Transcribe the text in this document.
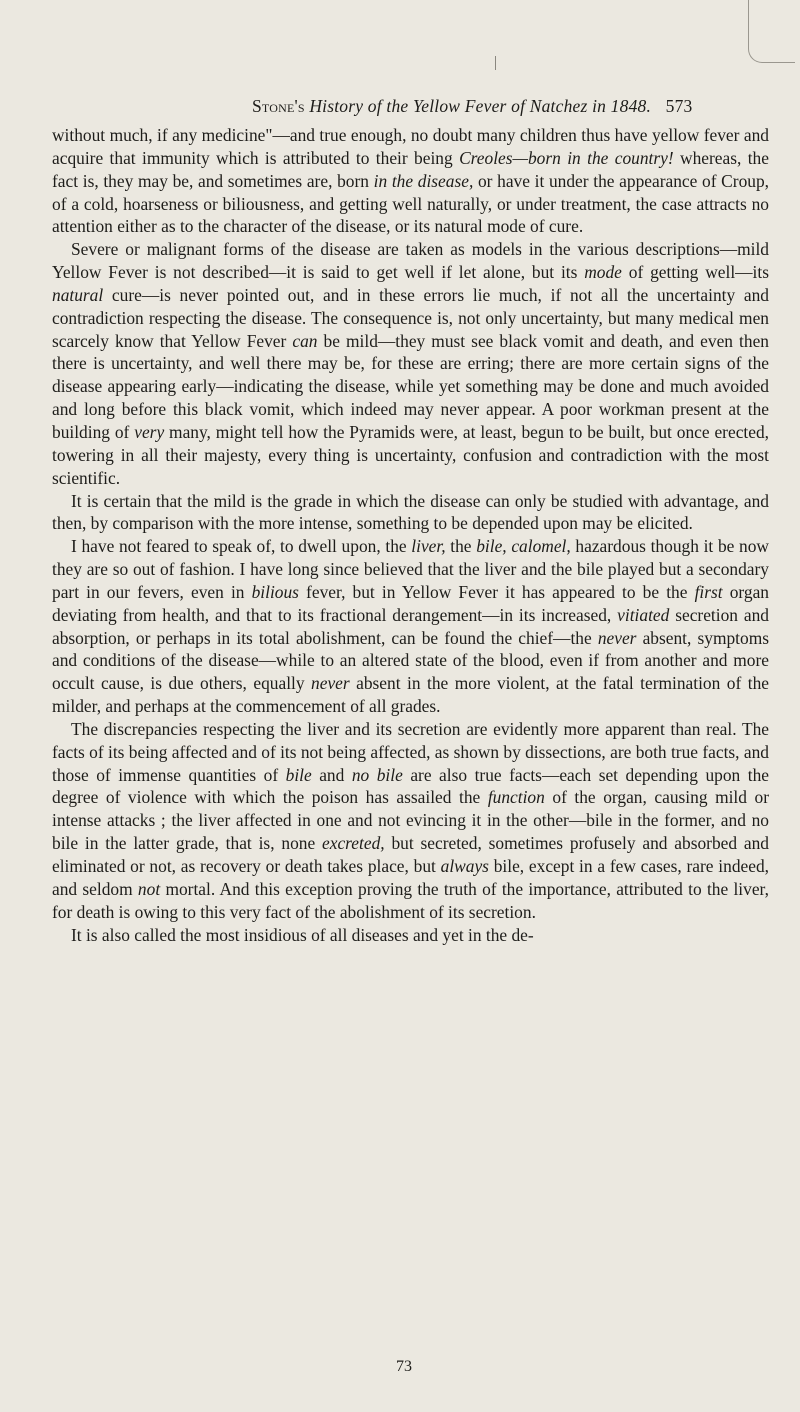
Stone's History of the Yellow Fever of Natchez in 1848. 573

without much, if any medicine"—and true enough, no doubt many children thus have yellow fever and acquire that immunity which is attributed to their being Creoles—born in the country! whereas, the fact is, they may be, and sometimes are, born in the disease, or have it under the appearance of Croup, of a cold, hoarseness or biliousness, and getting well naturally, or under treatment, the case attracts no attention either as to the character of the disease, or its natural mode of cure.

Severe or malignant forms of the disease are taken as models in the various descriptions—mild Yellow Fever is not described—it is said to get well if let alone, but its mode of getting well—its natural cure—is never pointed out, and in these errors lie much, if not all the uncertainty and contradiction respecting the disease. The consequence is, not only uncertainty, but many medical men scarcely know that Yellow Fever can be mild—they must see black vomit and death, and even then there is uncertainty, and well there may be, for these are erring; there are more certain signs of the disease appearing early—indicating the disease, while yet something may be done and much avoided and long before this black vomit, which indeed may never appear. A poor workman present at the building of very many, might tell how the Pyramids were, at least, begun to be built, but once erected, towering in all their majesty, every thing is uncertainty, confusion and contradiction with the most scientific.

It is certain that the mild is the grade in which the disease can only be studied with advantage, and then, by comparison with the more intense, something to be depended upon may be elicited.

I have not feared to speak of, to dwell upon, the liver, the bile, calomel, hazardous though it be now they are so out of fashion. I have long since believed that the liver and the bile played but a secondary part in our fevers, even in bilious fever, but in Yellow Fever it has appeared to be the first organ deviating from health, and that to its fractional derangement—in its increased, vitiated secretion and absorption, or perhaps in its total abolishment, can be found the chief—the never absent, symptoms and conditions of the disease—while to an altered state of the blood, even if from another and more occult cause, is due others, equally never absent in the more violent, at the fatal termination of the milder, and perhaps at the commencement of all grades.

The discrepancies respecting the liver and its secretion are evidently more apparent than real. The facts of its being affected and of its not being affected, as shown by dissections, are both true facts, and those of immense quantities of bile and no bile are also true facts—each set depending upon the degree of violence with which the poison has assailed the function of the organ, causing mild or intense attacks ; the liver affected in one and not evincing it in the other—bile in the former, and no bile in the latter grade, that is, none excreted, but secreted, sometimes profusely and absorbed and eliminated or not, as recovery or death takes place, but always bile, except in a few cases, rare indeed, and seldom not mortal. And this exception proving the truth of the importance, attributed to the liver, for death is owing to this very fact of the abolishment of its secretion.

It is also called the most insidious of all diseases and yet in the de-

73
